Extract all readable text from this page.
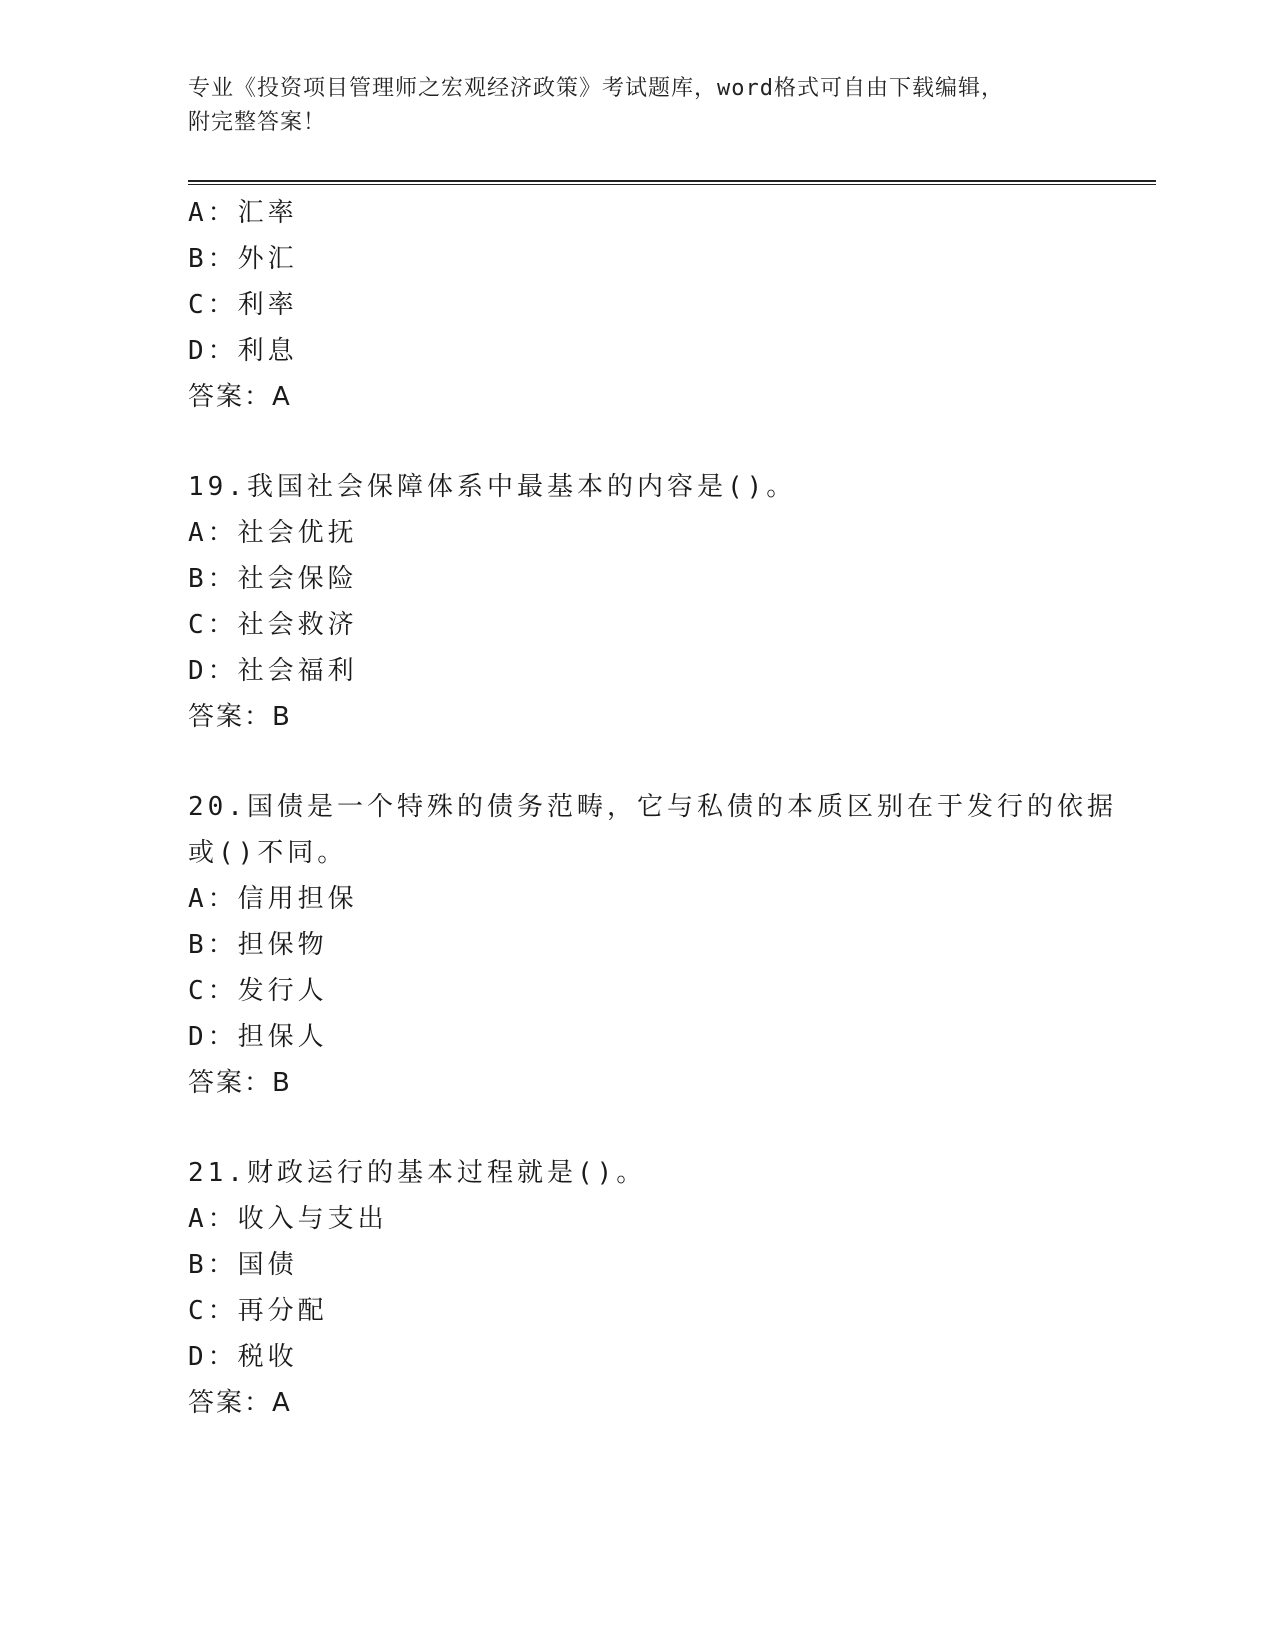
专业《投资项目管理师之宏观经济政策》考试题库，word格式可自由下载编辑，
附完整答案！
A：汇率
B：外汇
C：利率
D：利息
答案：A
19.我国社会保障体系中最基本的内容是()。
A：社会优抚
B：社会保险
C：社会救济
D：社会福利
答案：B
20.国债是一个特殊的债务范畴，它与私债的本质区别在于发行的依据
或()不同。
A：信用担保
B：担保物
C：发行人
D：担保人
答案：B
21.财政运行的基本过程就是()。
A：收入与支出
B：国债
C：再分配
D：税收
答案：A
